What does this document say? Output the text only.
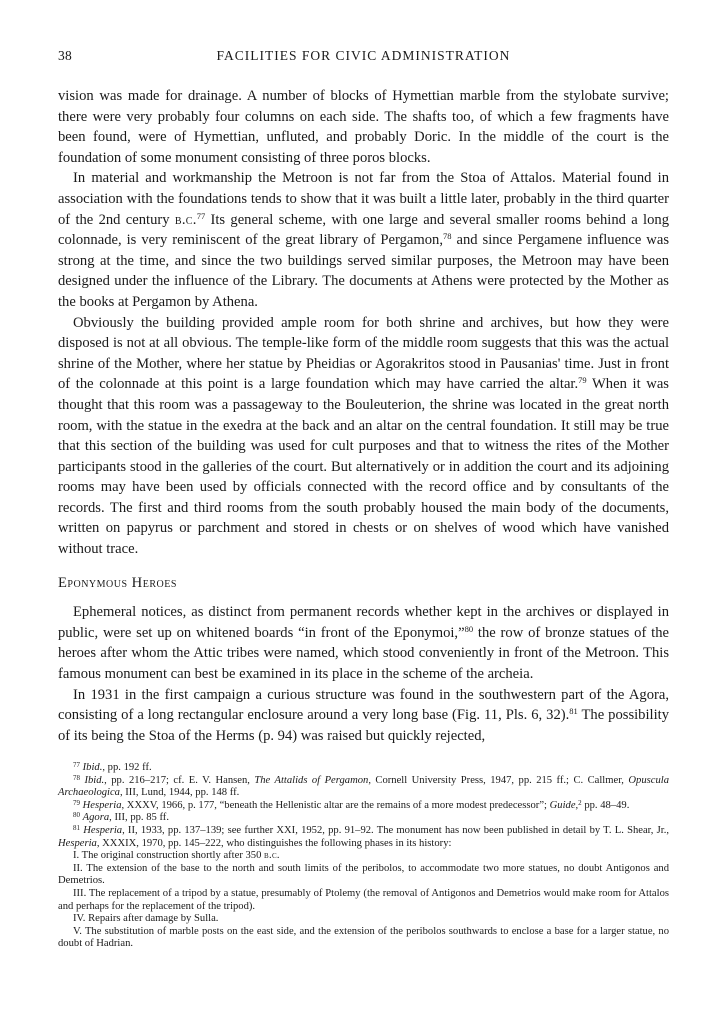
38	FACILITIES FOR CIVIC ADMINISTRATION

vision was made for drainage. A number of blocks of Hymettian marble from the stylobate survive; there were very probably four columns on each side. The shafts too, of which a few fragments have been found, were of Hymettian, unfluted, and probably Doric. In the middle of the court is the foundation of some monument consisting of three poros blocks.

In material and workmanship the Metroon is not far from the Stoa of Attalos. Material found in association with the foundations tends to show that it was built a little later, probably in the third quarter of the 2nd century b.c.$^{77}$ Its general scheme, with one large and several smaller rooms behind a long colonnade, is very reminiscent of the great library of Pergamon,$^{78}$ and since Pergamene influence was strong at the time, and since the two buildings served similar purposes, the Metroon may have been designed under the influence of the Library. The documents at Athens were protected by the Mother as the books at Pergamon by Athena.

Obviously the building provided ample room for both shrine and archives, but how they were disposed is not at all obvious. The temple-like form of the middle room suggests that this was the actual shrine of the Mother, where her statue by Pheidias or Agorakritos stood in Pausanias' time. Just in front of the colonnade at this point is a large foundation which may have carried the altar.$^{79}$ When it was thought that this room was a passageway to the Bouleuterion, the shrine was located in the great north room, with the statue in the exedra at the back and an altar on the central foundation. It still may be true that this section of the building was used for cult purposes and that to witness the rites of the Mother participants stood in the galleries of the court. But alternatively or in addition the court and its adjoining rooms may have been used by officials connected with the record office and by consultants of the records. The first and third rooms from the south probably housed the main body of the documents, written on papyrus or parchment and stored in chests or on shelves of wood which have vanished without trace.

Eponymous Heroes

Ephemeral notices, as distinct from permanent records whether kept in the archives or displayed in public, were set up on whitened boards “in front of the Eponymoi,”$^{80}$ the row of bronze statues of the heroes after whom the Attic tribes were named, which stood conveniently in front of the Metroon. This famous monument can best be examined in its place in the scheme of the archeia.

In 1931 in the first campaign a curious structure was found in the southwestern part of the Agora, consisting of a long rectangular enclosure around a very long base (Fig. 11, Pls. 6, 32).$^{81}$ The possibility of its being the Stoa of the Herms (p. 94) was raised but quickly rejected,

$^{77}$ Ibid., pp. 192 ff.

$^{78}$ Ibid., pp. 216–217; cf. E. V. Hansen, The Attalids of Pergamon, Cornell University Press, 1947, pp. 215 ff.; C. Callmer, Opuscula Archaeologica, III, Lund, 1944, pp. 148 ff.

$^{79}$ Hesperia, XXXV, 1966, p. 177, “beneath the Hellenistic altar are the remains of a more modest predecessor”; Guide,$^2$ pp. 48–49.

$^{80}$ Agora, III, pp. 85 ff.

$^{81}$ Hesperia, II, 1933, pp. 137–139; see further XXI, 1952, pp. 91–92. The monument has now been published in detail by T. L. Shear, Jr., Hesperia, XXXIX, 1970, pp. 145–222, who distinguishes the following phases in its history:

I. The original construction shortly after 350 b.c.

II. The extension of the base to the north and south limits of the peribolos, to accommodate two more statues, no doubt Antigonos and Demetrios.

III. The replacement of a tripod by a statue, presumably of Ptolemy (the removal of Antigonos and Demetrios would make room for Attalos and perhaps for the replacement of the tripod).

IV. Repairs after damage by Sulla.

V. The substitution of marble posts on the east side, and the extension of the peribolos southwards to enclose a base for a larger statue, no doubt of Hadrian.
